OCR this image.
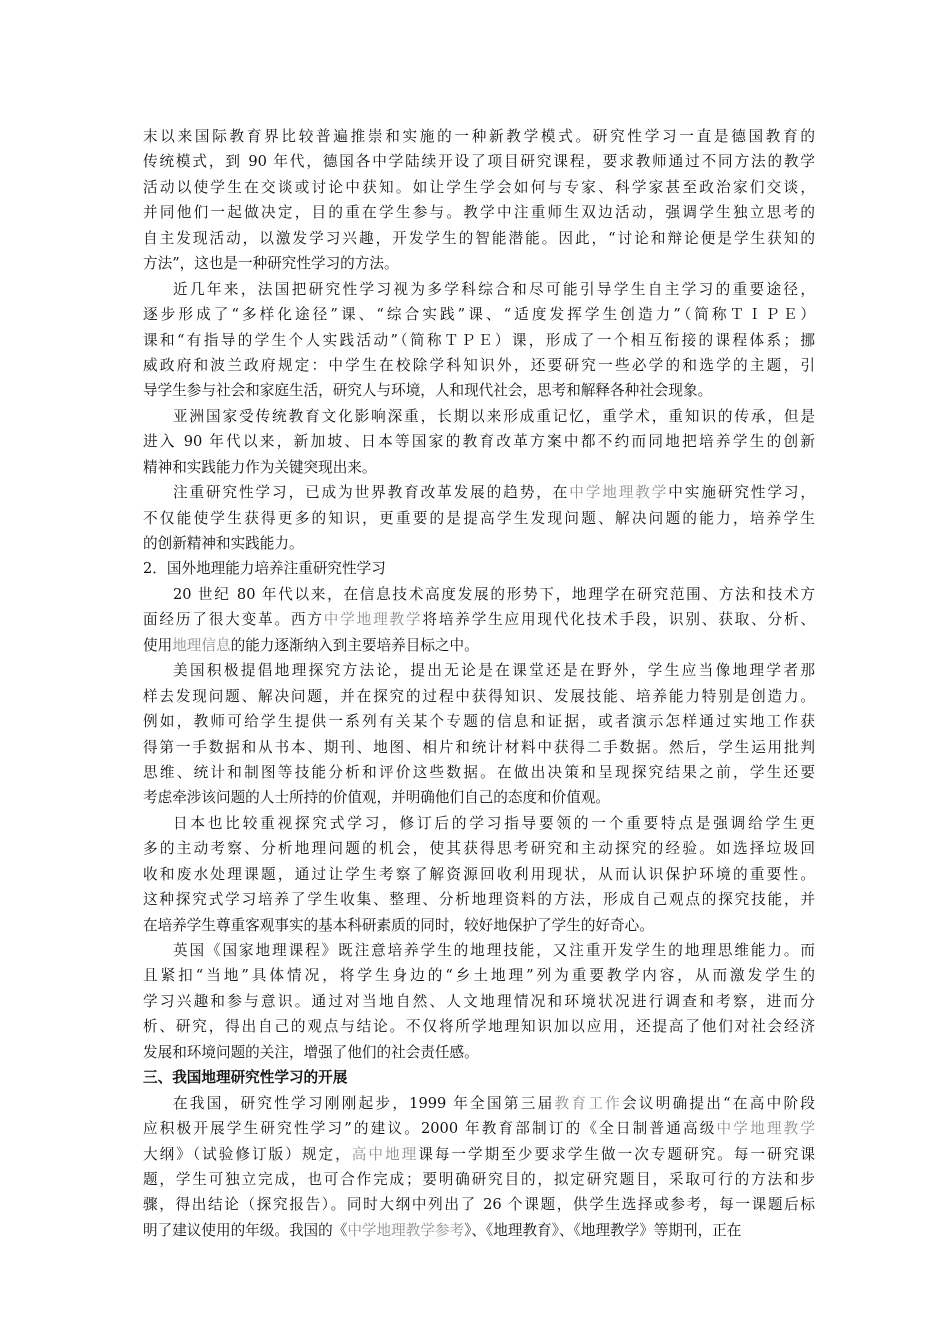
末以来国际教育界比较普遍推崇和实施的一种新教学模式。研究性学习一直是德国教育的
传统模式，到 90 年代，德国各中学陆续开设了项目研究课程，要求教师通过不同方法的教学
活动以使学生在交谈或讨论中获知。如让学生学会如何与专家、科学家甚至政治家们交谈，
并同他们一起做决定，目的重在学生参与。教学中注重师生双边活动，强调学生独立思考的
自主发现活动，以激发学习兴趣，开发学生的智能潜能。因此，“讨论和辩论便是学生获知的
方法”，这也是一种研究性学习的方法。
近几年来，法国把研究性学习视为多学科综合和尽可能引导学生自主学习的重要途径，
逐步形成了“多样化途径”课、“综合实践”课、“适度发挥学生创造力”（简称ＴＩＰＥ）
课和“有指导的学生个人实践活动”（简称ＴＰＥ）课，形成了一个相互衔接的课程体系；挪
威政府和波兰政府规定：中学生在校除学科知识外，还要研究一些必学的和选学的主题，引
导学生参与社会和家庭生活，研究人与环境，人和现代社会，思考和解释各种社会现象。
亚洲国家受传统教育文化影响深重，长期以来形成重记忆，重学术，重知识的传承，但是
进入 90 年代以来，新加坡、日本等国家的教育改革方案中都不约而同地把培养学生的创新
精神和实践能力作为关键突现出来。
注重研究性学习，已成为世界教育改革发展的趋势，在中学地理教学中实施研究性学习，
不仅能使学生获得更多的知识，更重要的是提高学生发现问题、解决问题的能力，培养学生
的创新精神和实践能力。
2．国外地理能力培养注重研究性学习
20 世纪 80 年代以来，在信息技术高度发展的形势下，地理学在研究范围、方法和技术方
面经历了很大变革。西方中学地理教学将培养学生应用现代化技术手段，识别、获取、分析、
使用地理信息的能力逐渐纳入到主要培养目标之中。
美国积极提倡地理探究方法论，提出无论是在课堂还是在野外，学生应当像地理学者那
样去发现问题、解决问题，并在探究的过程中获得知识、发展技能、培养能力特别是创造力。
例如，教师可给学生提供一系列有关某个专题的信息和证据，或者演示怎样通过实地工作获
得第一手数据和从书本、期刊、地图、相片和统计材料中获得二手数据。然后，学生运用批判
思维、统计和制图等技能分析和评价这些数据。在做出决策和呈现探究结果之前，学生还要
考虑牵涉该问题的人士所持的价值观，并明确他们自己的态度和价值观。
日本也比较重视探究式学习，修订后的学习指导要领的一个重要特点是强调给学生更
多的主动考察、分析地理问题的机会，使其获得思考研究和主动探究的经验。如选择垃圾回
收和废水处理课题，通过让学生考察了解资源回收利用现状，从而认识保护环境的重要性。
这种探究式学习培养了学生收集、整理、分析地理资料的方法，形成自己观点的探究技能，并
在培养学生尊重客观事实的基本科研素质的同时，较好地保护了学生的好奇心。
英国《国家地理课程》既注意培养学生的地理技能，又注重开发学生的地理思维能力。而
且紧扣“当地”具体情况，将学生身边的“乡土地理”列为重要教学内容，从而激发学生的
学习兴趣和参与意识。通过对当地自然、人文地理情况和环境状况进行调查和考察，进而分
析、研究，得出自己的观点与结论。不仅将所学地理知识加以应用，还提高了他们对社会经济
发展和环境问题的关注，增强了他们的社会责任感。
三、我国地理研究性学习的开展
在我国，研究性学习刚刚起步，1999 年全国第三届教育工作会议明确提出“在高中阶段
应积极开展学生研究性学习”的建议。2000 年教育部制订的《全日制普通高级中学地理教学
大纲》（试验修订版）规定，高中地理课每一学期至少要求学生做一次专题研究。每一研究课
题，学生可独立完成，也可合作完成；要明确研究目的，拟定研究题目，采取可行的方法和步
骤，得出结论（探究报告）。同时大纲中列出了 26 个课题，供学生选择或参考，每一课题后标
明了建议使用的年级。我国的《中学地理教学参考》、《地理教育》、《地理教学》等期刊，正在
